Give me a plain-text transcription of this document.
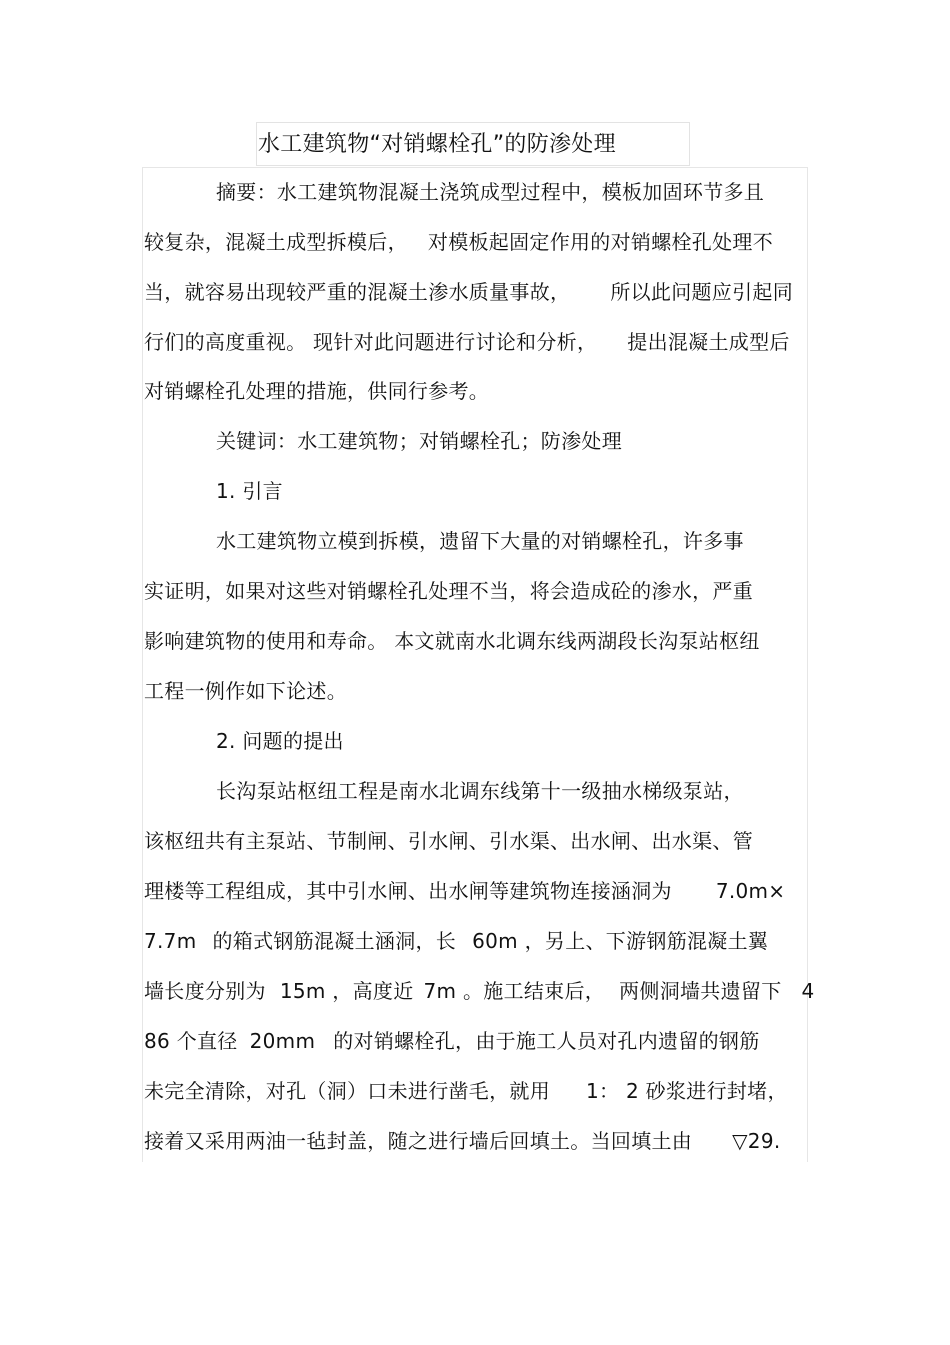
水工建筑物“对销螺栓孔”的防渗处理
摘要：水工建筑物混凝土浇筑成型过程中，模板加固环节多且
较复杂，混凝土成型拆模后， 对模板起固定作用的对销螺栓孔处理不
当，就容易出现较严重的混凝土渗水质量事故， 所以此问题应引起同
行们的高度重视。 现针对此问题进行讨论和分析， 提出混凝土成型后
对销螺栓孔处理的措施，供同行参考。
关键词：水工建筑物；对销螺栓孔；防渗处理
1. 引言
水工建筑物立模到拆模，遗留下大量的对销螺栓孔，许多事
实证明，如果对这些对销螺栓孔处理不当，将会造成砼的渗水，严重
影响建筑物的使用和寿命。 本文就南水北调东线两湖段长沟泵站枢纽
工程一例作如下论述。
2. 问题的提出
长沟泵站枢纽工程是南水北调东线第十一级抽水梯级泵站，
该枢纽共有主泵站、节制闸、引水闸、引水渠、出水闸、出水渠、管
理楼等工程组成，其中引水闸、出水闸等建筑物连接涵洞为 7.0m×
7.7m 的箱式钢筋混凝土涵洞，长 60m ，另上、下游钢筋混凝土翼
墙长度分别为 15m ，高度近 7m 。施工结束后， 两侧洞墙共遗留下 4
86 个直径 20mm 的对销螺栓孔，由于施工人员对孔内遗留的钢筋
未完全清除，对孔（洞）口未进行凿毛，就用 1： 2 砂浆进行封堵，
接着又采用两油一毡封盖，随之进行墙后回填土。当回填土由 ▽29.
